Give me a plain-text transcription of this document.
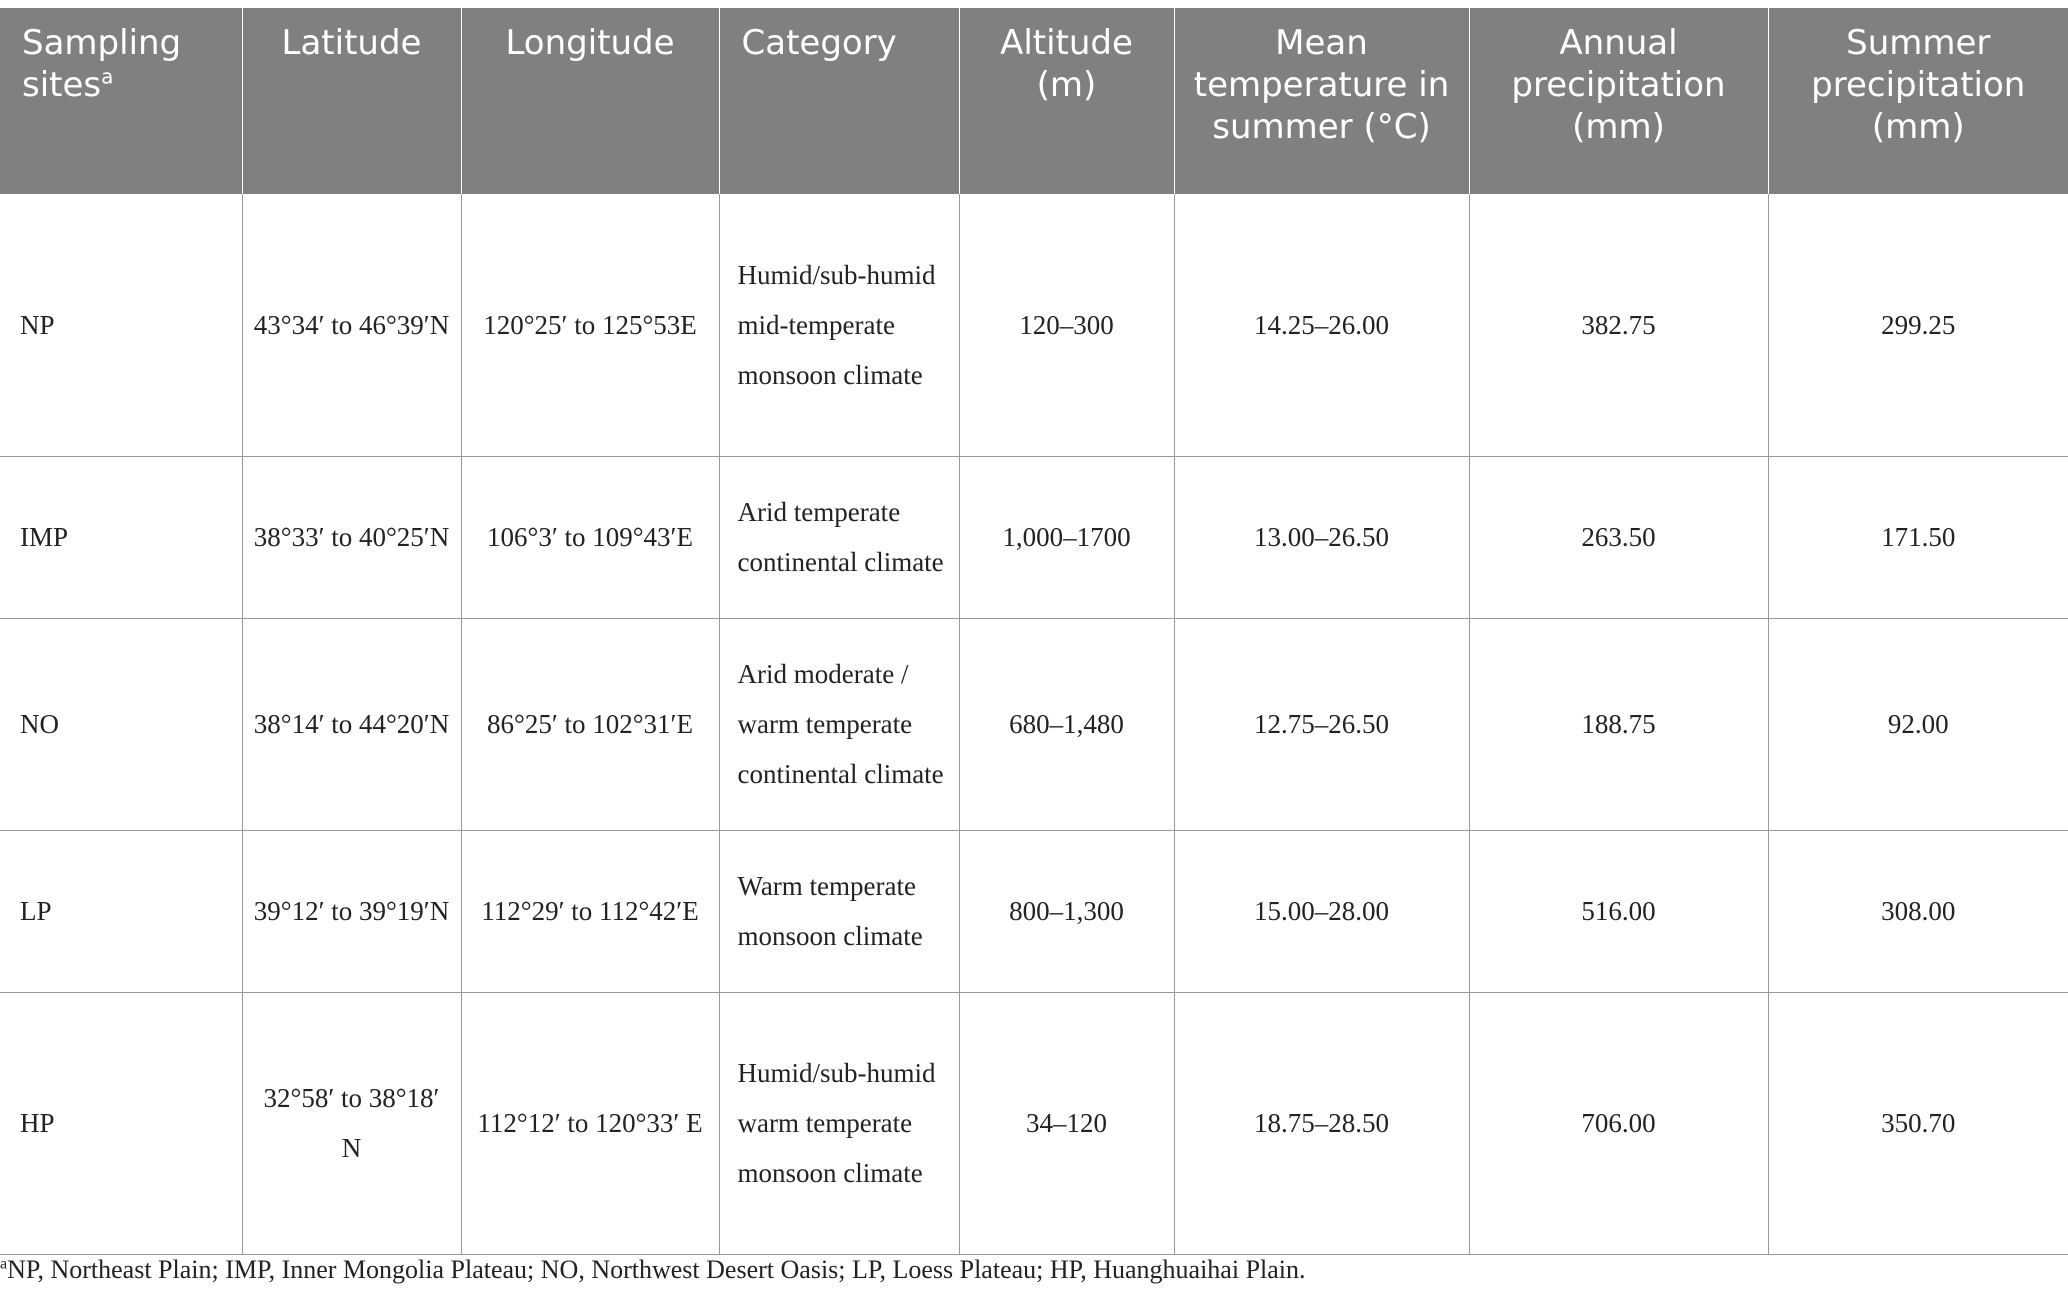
Sampling sites$^a$	Latitude	Longitude	Category	Altitude (m)	Mean temperature in summer (°C)	Annual precipitation (mm)	Summer precipitation (mm)
NP	43°34′ to 46°39′N	120°25′ to 125°53E	Humid/sub-humid mid-temperate monsoon climate	120–300	14.25–26.00	382.75	299.25
IMP	38°33′ to 40°25′N	106°3′ to 109°43′E	Arid temperate continental climate	1,000–1700	13.00–26.50	263.50	171.50
NO	38°14′ to 44°20′N	86°25′ to 102°31′E	Arid moderate / warm temperate continental climate	680–1,480	12.75–26.50	188.75	92.00
LP	39°12′ to 39°19′N	112°29′ to 112°42′E	Warm temperate monsoon climate	800–1,300	15.00–28.00	516.00	308.00
HP	32°58′ to 38°18′ N	112°12′ to 120°33′ E	Humid/sub-humid warm temperate monsoon climate	34–120	18.75–28.50	706.00	350.70
$^a$NP, Northeast Plain; IMP, Inner Mongolia Plateau; NO, Northwest Desert Oasis; LP, Loess Plateau; HP, Huanghuaihai Plain.
